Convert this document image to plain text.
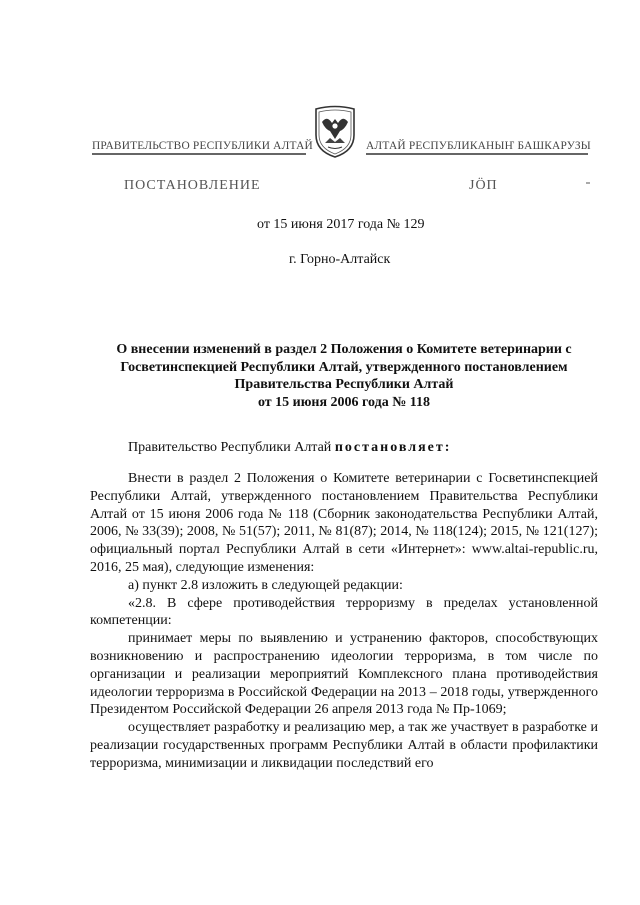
ПРАВИТЕЛЬСТВО РЕСПУБЛИКИ АЛТАЙ	АЛТАЙ РЕСПУБЛИКАНЫҤ БАШКАРУЗЫ
ПОСТАНОВЛЕНИЕ	JÖП
от 15 июня 2017 года № 129
г. Горно-Алтайск
О внесении изменений в раздел 2 Положения о Комитете ветеринарии с
Госветинспекцией Республики Алтай, утвержденного постановлением
Правительства Республики Алтай
от 15 июня 2006 года № 118
Правительство Республики Алтай постановляет:

Внести в раздел 2 Положения о Комитете ветеринарии с Госветинспекцией Республики Алтай, утвержденного постановлением Правительства Республики Алтай от 15 июня 2006 года № 118 (Сборник законодательства Республики Алтай, 2006, № 33(39); 2008, № 51(57); 2011, № 81(87); 2014, № 118(124); 2015, № 121(127); официальный портал Республики Алтай в сети «Интернет»: www.altai-republic.ru, 2016, 25 мая), следующие изменения:

а) пункт 2.8 изложить в следующей редакции:

«2.8. В сфере противодействия терроризму в пределах установленной компетенции:

принимает меры по выявлению и устранению факторов, способствующих возникновению и распространению идеологии терроризма, в том числе по организации и реализации мероприятий Комплексного плана противодействия идеологии терроризма в Российской Федерации на 2013 – 2018 годы, утвержденного Президентом Российской Федерации 26 апреля 2013 года № Пр-1069;

осуществляет разработку и реализацию мер, а так же участвует в разработке и реализации государственных программ Республики Алтай в области профилактики терроризма, минимизации и ликвидации последствий его
